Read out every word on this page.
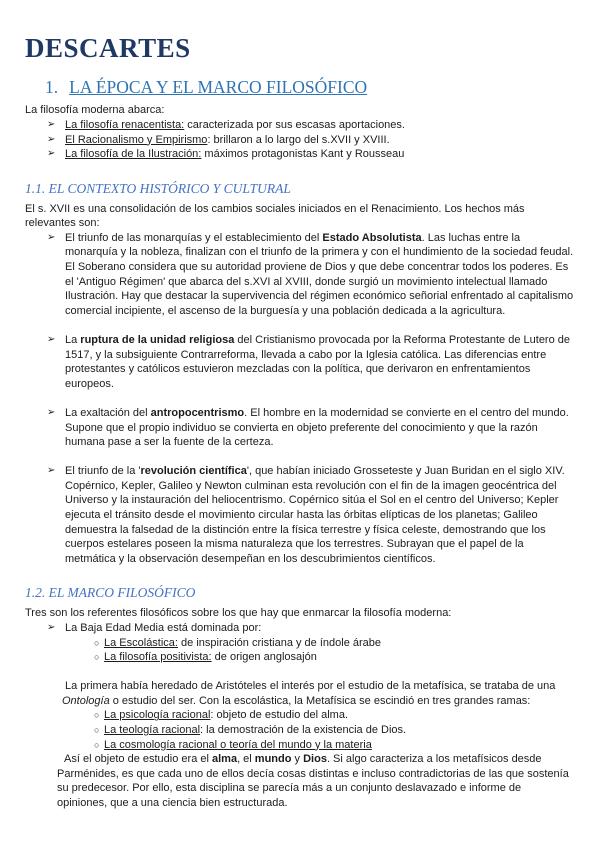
DESCARTES
1. LA ÉPOCA Y EL MARCO FILOSÓFICO

La filosofía moderna abarca:

➢ La filosofía renacentista: caracterizada por sus escasas aportaciones.
➢ El Racionalismo y Empirismo: brillaron a lo largo del s.XVII y XVIII.
➢ La filosofía de la Ilustración: máximos protagonistas Kant y Rousseau
1.1. EL CONTEXTO HISTÓRICO Y CULTURAL

El s. XVII es una consolidación de los cambios sociales iniciados en el Renacimiento. Los hechos más relevantes son:

➢ El triunfo de las monarquías y el establecimiento del Estado Absolutista. Las luchas entre la monarquía y la nobleza, finalizan con el triunfo de la primera y con el hundimiento de la sociedad feudal. El Soberano considera que su autoridad proviene de Dios y que debe concentrar todos los poderes. Es el 'Antiguo Régimen' que abarca del s.XVI al XVIII, donde surgió un movimiento intelectual llamado Ilustración. Hay que destacar la supervivencia del régimen económico señorial enfrentado al capitalismo comercial incipiente, el ascenso de la burguesía y una población dedicada a la agricultura.
➢ La ruptura de la unidad religiosa del Cristianismo provocada por la Reforma Protestante de Lutero de 1517, y la subsiguiente Contrarreforma, llevada a cabo por la Iglesia católica. Las diferencias entre protestantes y católicos estuvieron mezcladas con la política, que derivaron en enfrentamientos europeos.
➢ La exaltación del antropocentrismo. El hombre en la modernidad se convierte en el centro del mundo. Supone que el propio individuo se convierta en objeto preferente del conocimiento y que la razón humana pase a ser la fuente de la certeza.
➢ El triunfo de la 'revolución científica', que habían iniciado Grosseteste y Juan Buridan en el siglo XIV. Copérnico, Kepler, Galileo y Newton culminan esta revolución con el fin de la imagen geocéntrica del Universo y la instauración del heliocentrismo. Copérnico sitúa el Sol en el centro del Universo; Kepler ejecuta el tránsito desde el movimiento circular hasta las órbitas elípticas de los planetas; Galileo demuestra la falsedad de la distinción entre la física terrestre y física celeste, demostrando que los cuerpos estelares poseen la misma naturaleza que los terrestres. Subrayan que el papel de la metmática y la observación desempeñan en los descubrimientos científicos.
1.2. EL MARCO FILOSÓFICO

Tres son los referentes filosóficos sobre los que hay que enmarcar la filosofía moderna:

➢ La Baja Edad Media está dominada por:
○ La Escolástica: de inspiración cristiana y de índole árabe
○ La filosofía positivista: de origen anglosajón

La primera había heredado de Aristóteles el interés por el estudio de la metafísica, se trataba de una Ontología o estudio del ser. Con la escolástica, la Metafísica se escindió en tres grandes ramas:

○ La psicología racional: objeto de estudio del alma.
○ La teología racional: la demostración de la existencia de Dios.
○ La cosmología racional o teoría del mundo y la materia

Así el objeto de estudio era el alma, el mundo y Dios. Si algo caracteriza a los metafísicos desde Parménides, es que cada uno de ellos decía cosas distintas e incluso contradictorias de las que sostenía su predecesor. Por ello, esta disciplina se parecía más a un conjunto deslavazado e informe de opiniones, que a una ciencia bien estructurada.
